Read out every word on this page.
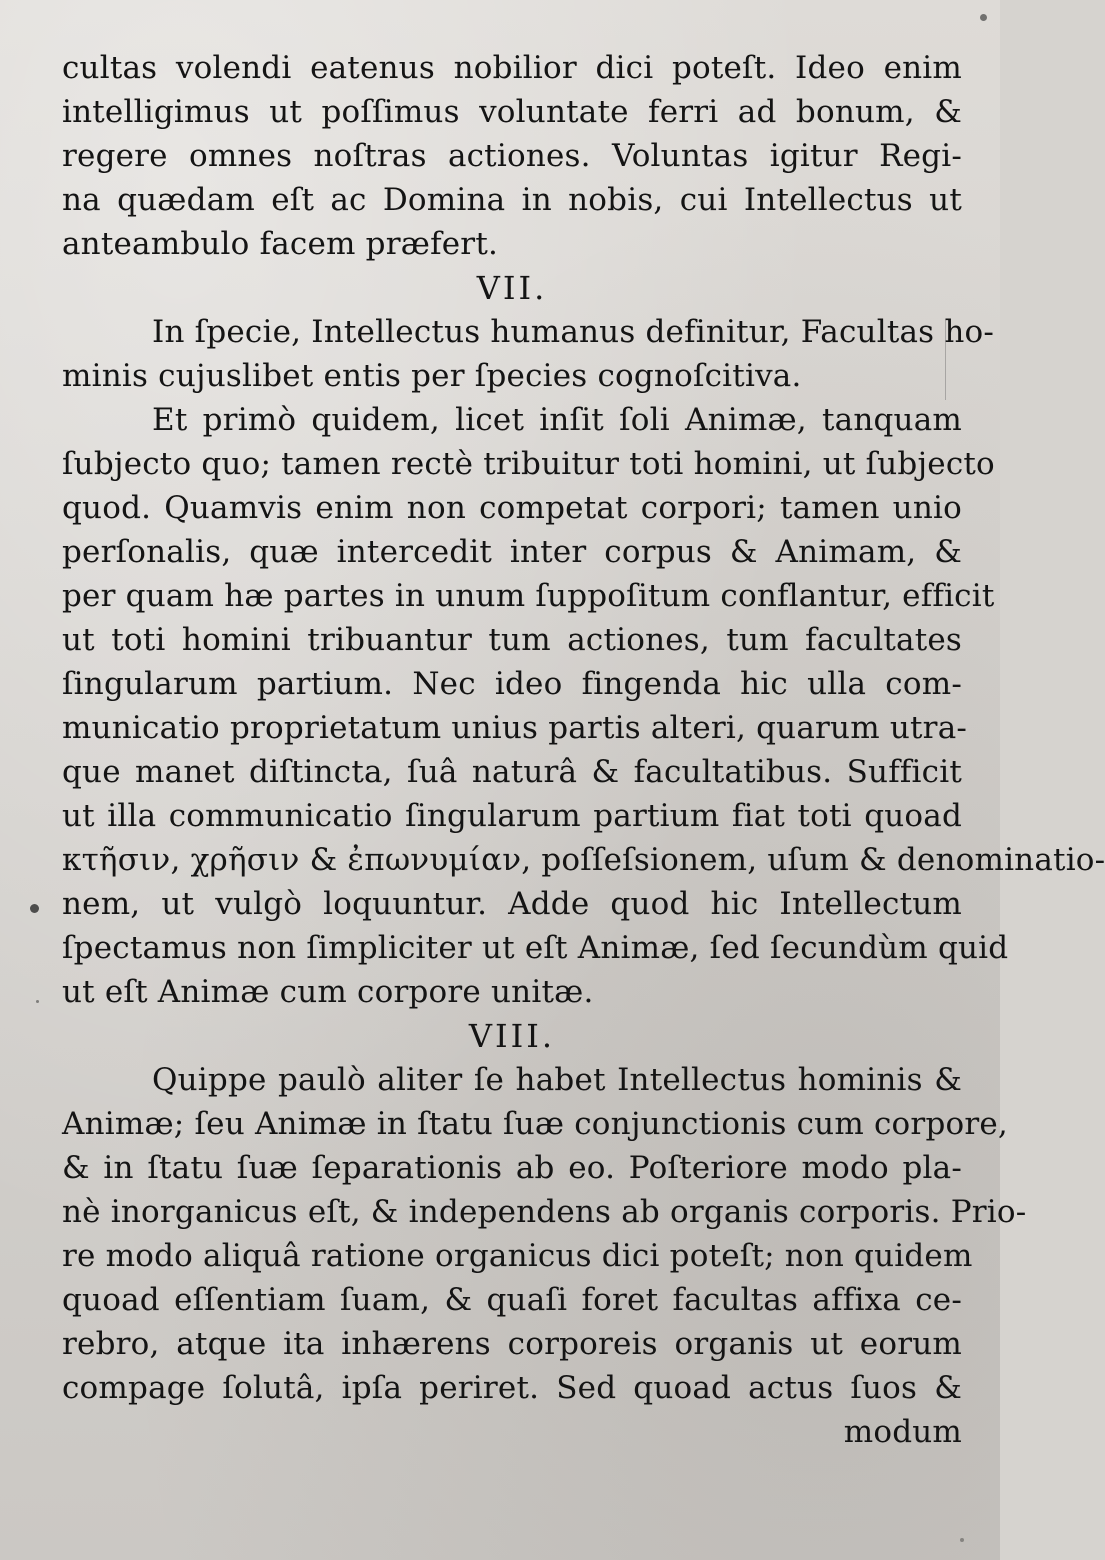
cultas volendi eatenus nobilior dici poteſt. Ideo enim
intelligimus ut poſſimus voluntate ferri ad bonum, &
regere omnes noſtras actiones. Voluntas igitur Regi-
na quædam eſt ac Domina in nobis, cui Intellectus ut
anteambulo facem præfert.
VII.
In ſpecie, Intellectus humanus definitur, Facultas ho-
minis cujuslibet entis per ſpecies cognoſcitiva.
Et primò quidem, licet inſit ſoli Animæ, tanquam
ſubjecto quo; tamen rectè tribuitur toti homini, ut ſubjecto
quod. Quamvis enim non competat corpori; tamen unio
perſonalis, quæ intercedit inter corpus & Animam, &
per quam hæ partes in unum ſuppoſitum conflantur, efficit
ut toti homini tribuantur tum actiones, tum facultates
ſingularum partium. Nec ideo fingenda hic ulla com-
municatio proprietatum unius partis alteri, quarum utra-
que manet diſtincta, ſuâ naturâ & facultatibus. Sufficit
ut illa communicatio ſingularum partium fiat toti quoad
κτῆσιν, χρῆσιν & ἐπωνυμίαν, poſſeſsionem, uſum & denominatio-
nem, ut vulgò loquuntur. Adde quod hic Intellectum
ſpectamus non ſimpliciter ut eſt Animæ, ſed ſecundùm quid
ut eſt Animæ cum corpore unitæ.
VIII.
Quippe paulò aliter ſe habet Intellectus hominis &
Animæ; ſeu Animæ in ſtatu ſuæ conjunctionis cum corpore,
& in ſtatu ſuæ ſeparationis ab eo. Poſteriore modo pla-
nè inorganicus eſt, & independens ab organis corporis. Prio-
re modo aliquâ ratione organicus dici poteſt; non quidem
quoad eſſentiam ſuam, & quaſi foret facultas affixa ce-
rebro, atque ita inhærens corporeis organis ut eorum
compage ſolutâ, ipſa periret. Sed quoad actus ſuos &
modum
